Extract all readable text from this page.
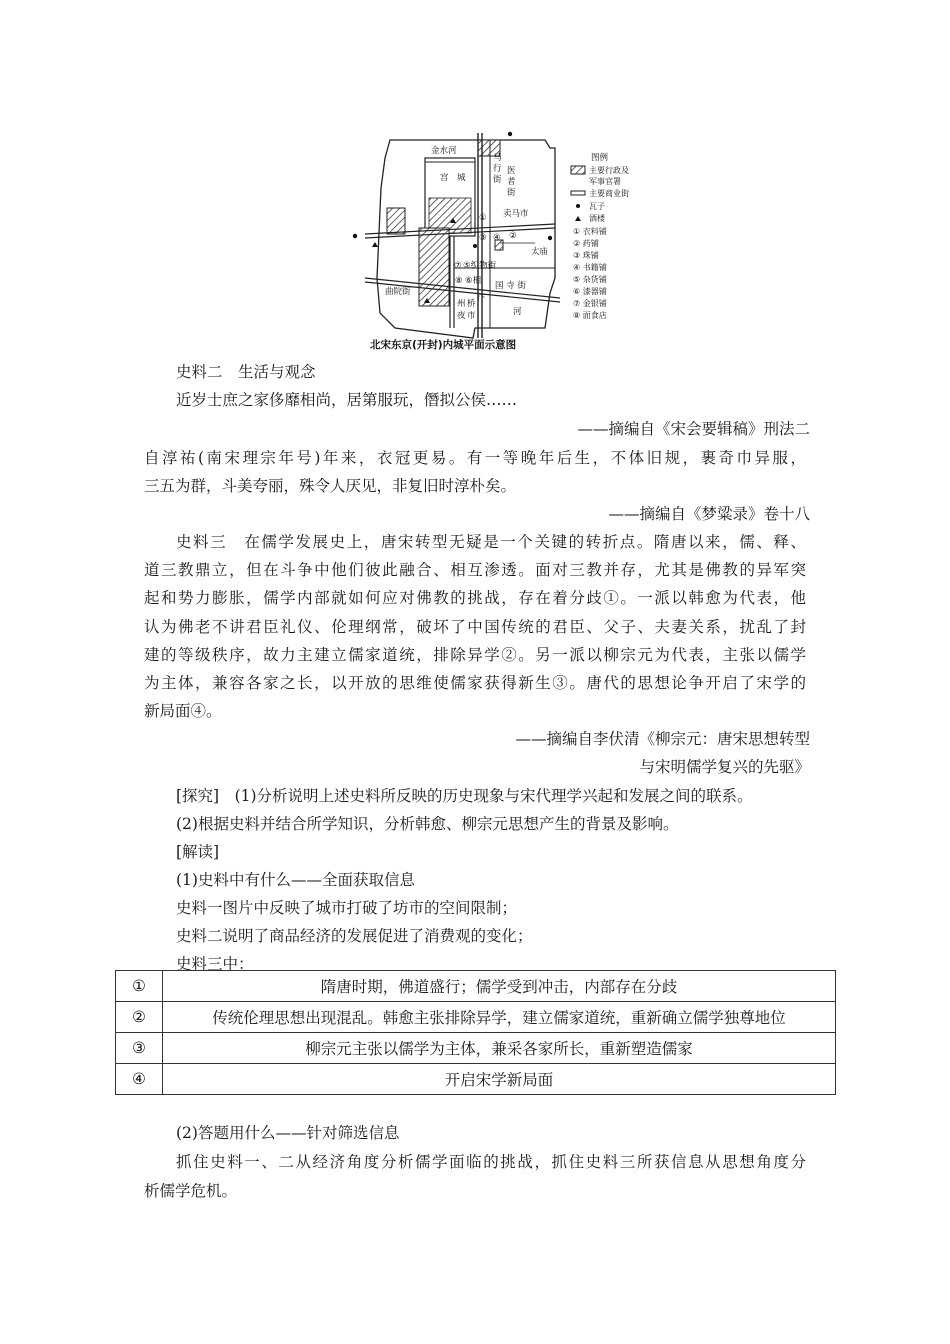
金水河
宫 城
马
行
街
医
者
街
卖马市
太庙
⑤织物街
⑥相 国 寺 街
汴
河
曲院街
州 桥
夜 市
①
②
③ ④
⑦
⑧
图例
主要行政及
军事官署
主要商业街
瓦子
酒楼
① 衣料铺
② 药铺
③ 珠铺
④ 书籍铺
⑤ 杂货铺
⑥ 漆器铺
⑦ 金银铺
⑧ 面食店
北宋东京(开封)内城平面示意图
史料二　生活与观念
近岁士庶之家侈靡相尚，居第服玩，僭拟公侯……
——摘编自《宋会要辑稿》刑法二
自淳祐(南宋理宗年号)年来，衣冠更易。有一等晚年后生，不体旧规，裹奇巾异服，
三五为群，斗美夸丽，殊令人厌见，非复旧时淳朴矣。
——摘编自《梦粱录》卷十八
史料三　在儒学发展史上，唐宋转型无疑是一个关键的转折点。隋唐以来，儒、释、
道三教鼎立，但在斗争中他们彼此融合、相互渗透。面对三教并存，尤其是佛教的异军突
起和势力膨胀，儒学内部就如何应对佛教的挑战，存在着分歧①。一派以韩愈为代表，他
认为佛老不讲君臣礼仪、伦理纲常，破坏了中国传统的君臣、父子、夫妻关系，扰乱了封
建的等级秩序，故力主建立儒家道统，排除异学②。另一派以柳宗元为代表，主张以儒学
为主体，兼容各家之长，以开放的思维使儒家获得新生③。唐代的思想论争开启了宋学的
新局面④。
——摘编自李伏清《柳宗元：唐宋思想转型
与宋明儒学复兴的先驱》
[探究]　(1)分析说明上述史料所反映的历史现象与宋代理学兴起和发展之间的联系。
(2)根据史料并结合所学知识，分析韩愈、柳宗元思想产生的背景及影响。
[解读]
(1)史料中有什么——全面获取信息
史料一图片中反映了城市打破了坊市的空间限制；
史料二说明了商品经济的发展促进了消费观的变化；
史料三中：
①	隋唐时期，佛道盛行；儒学受到冲击，内部存在分歧
②	传统伦理思想出现混乱。韩愈主张排除异学，建立儒家道统，重新确立儒学独尊地位
③	柳宗元主张以儒学为主体，兼采各家所长，重新塑造儒家
④	开启宋学新局面
(2)答题用什么——针对筛选信息
抓住史料一、二从经济角度分析儒学面临的挑战，抓住史料三所获信息从思想角度分
析儒学危机。
